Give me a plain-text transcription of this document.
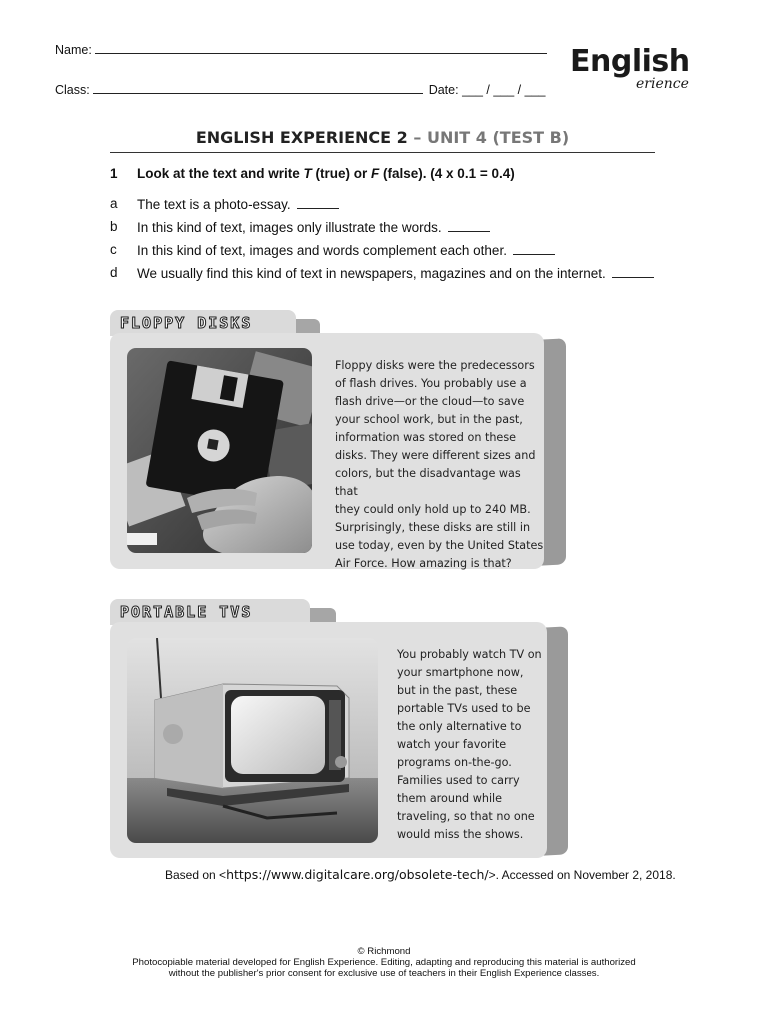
Name:
Class:	Date: ___ / ___ / ___
English
erience
ENGLISH EXPERIENCE 2 – UNIT 4 (TEST B)
1 Look at the text and write T (true) or F (false). (4 x 0.1 = 0.4)
a The text is a photo-essay.
b In this kind of text, images only illustrate the words.
c In this kind of text, images and words complement each other.
d We usually find this kind of text in newspapers, magazines and on the internet.
FLOPPY DISKS
Floppy disks were the predecessors
of flash drives. You probably use a
flash drive—or the cloud—to save
your school work, but in the past,
information was stored on these
disks. They were different sizes and
colors, but the disadvantage was that
they could only hold up to 240 MB.
Surprisingly, these disks are still in
use today, even by the United States
Air Force. How amazing is that?
PORTABLE TVS
You probably watch TV on
your smartphone now,
but in the past, these
portable TVs used to be
the only alternative to
watch your favorite
programs on-the-go.
Families used to carry
them around while
traveling, so that no one
would miss the shows.
Based on <https://www.digitalcare.org/obsolete-tech/>. Accessed on November 2, 2018.
© Richmond
Photocopiable material developed for English Experience. Editing, adapting and reproducing this material is authorized
without the publisher's prior consent for exclusive use of teachers in their English Experience classes.
